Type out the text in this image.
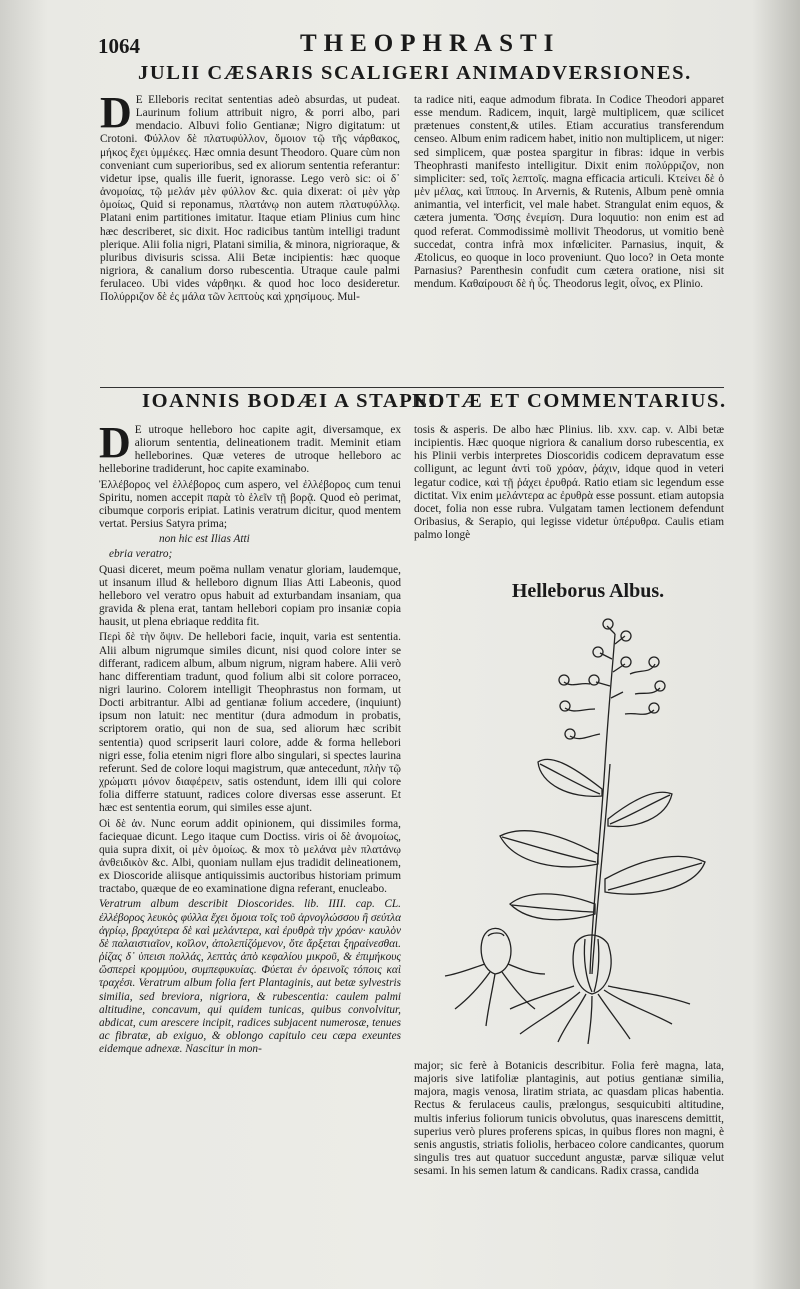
1064	THEOPHRASTI
JULII CÆSARIS SCALIGERI ANIMADVERSIONES.
D E Elleboris recitat sententias adeò absurdas, ut pudeat. Laurinum folium attribuit nigro, & porri albo, pari mendacio. Albuvi folio Gentianæ; Nigro digitatum: ut Crotoni. Φύλλον δὲ πλατυφύλλον, ὅμοιον τῷ τῆς νάρθακος, μήκος ἔχει ὑμμέκες. Hæc omnia desunt Theodoro. Quare cùm non conveniant cum superioribus, sed ex aliorum sententia referantur: videtur ipse, qualis ille fuerit, ignorasse. Lego verò sic: οἱ δ᾽ ἀνομοίας, τῷ μελάν μὲν φύλλον &c. quia dixerat: οἱ μὲν γὰρ ὁμοίως, Quid si reponamus, πλατάνῳ non autem πλατυφύλλῳ. Platani enim partitiones imitatur. Itaque etiam Plinius cum hinc hæc describeret, sic dixit. Hoc radicibus tantùm intelligi tradunt plerique. Alii folia nigri, Platani similia, & minora, nigrioraque, & pluribus divisuris scissa. Alii Betæ incipientis: hæc quoque nigriora, & canalium dorso rubescentia. Utraque caule palmi ferulaceo. Ubi vides νάρθηκι. & quod hoc loco desideretur. Πολύρριζον δὲ ἐς μάλα τῶν λεπτοὺς καὶ χρησίμους. Mul-
ta radice niti, eaque admodum fibrata. In Codice Theodori apparet esse mendum. Radicem, inquit, largè multiplicem, quæ scilicet prætenues constent,& utiles. Etiam accuratius transferendum censeo. Album enim radicem habet, initio non multiplicem, ut niger: sed simplicem, quæ postea spargitur in fibras: idque in verbis Theophrasti manifesto intelligitur. Dixit enim πολύρριζον, non simpliciter: sed, τοῖς λεπτοῖς. magna efficacia articuli. Κτείνει δὲ ὁ μὲν μέλας, καὶ ἵππους. In Arvernis, & Rutenis, Album penè omnia animantia, vel interficit, vel male habet. Strangulat enim equos, & cætera jumenta. Ὄσης ἐνεμίση. Dura loquutio: non enim est ad quod referat. Commodissimè mollivit Theodorus, ut vomitio benè succedat, contra infrà mox infœliciter. Parnasius, inquit, & Ætolicus, eo quoque in loco proveniunt. Quo loco? in Oeta monte Parnasius? Parenthesin confudit cum cætera oratione, nisi sit mendum. Καθαίρουσι δὲ ἡ ὗς. Theodorus legit, οἶνος, ex Plinio.
IOANNIS BODÆI A STAPEL
NOTÆ ET COMMENTARIUS.

D E utroque helleboro hoc capite agit, diversamque, ex aliorum sententia, delineationem tradit. Meminit etiam helleborines. Quæ veteres de utroque helleboro ac helleborine tradiderunt, hoc capite examinabo.

Ἐλλέβορος vel ἑλλέβορος cum aspero, vel ἐλλέβορος cum tenui Spiritu, nomen accepit παρὰ τὸ ἑλεῖν τῇ βορᾷ. Quod eò perimat, cibumque corporis eripiat. Latinis veratrum dicitur, quod mentem vertat. Persius Satyra prima;

non hic est Ilias Atti
ebria veratro;

Quasi diceret, meum poëma nullam venatur gloriam, laudemque, ut insanum illud & helleboro dignum Ilias Atti Labeonis, quod helleboro vel veratro opus habuit ad exturbandam insaniam, qua gravida & plena erat, tantam hellebori copiam pro insaniæ copia hausit, ut plena ebriaque reddita fit.

Περὶ δὲ τὴν ὄψιν. De hellebori facie, inquit, varia est sententia. Alii album nigrumque similes dicunt, nisi quod colore inter se differant, radicem album, album nigrum, nigram habere. Alii verò hanc differentiam tradunt, quod folium albi sit colore porraceo, nigri laurino. Colorem intelligit Theophrastus non formam, ut Docti arbitrantur. Albi ad gentianæ folium accedere, (inquiunt) ipsum non latuit: nec mentitur (dura admodum in probatis, scriptorem oratio, qui non de sua, sed aliorum hæc scribit sententia) quod scripserit lauri colore, adde & forma hellebori nigri esse, folia etenim nigri flore albo singulari, si spectes laurina referunt. Sed de colore loqui magistrum, quæ antecedunt, πλὴν τῷ χρώματι μόνον διαφέρειν, satis ostendunt, idem illi qui colore folia differre statuunt, radices colore diversas esse asserunt. Et hæc est sententia eorum, qui similes esse ajunt.

Οἱ δὲ ἀν. Nunc eorum addit opinionem, qui dissimiles forma, faciequae dicunt. Lego itaque cum Doctiss. viris οἱ δὲ ἀνομοίως, quia supra dixit, οἱ μὲν ὁμοίως. & mox τὸ μελάνα μὲν πλατάνῳ ἀνθειδικὸν &c. Albi, quoniam nullam ejus tradidit delineationem, ex Dioscoride aliisque antiquissimis auctoribus historiam primum tractabo, quæque de eo examinatione digna referant, enucleabo.

Veratrum album describit Dioscorides. lib. IIII. cap. CL. ἐλλέβορος λευκὸς φύλλα ἔχει ὅμοια τοῖς τοῦ ἀρνογλώσσου ἢ σεύτλα ἀγρίῳ, βραχύτερα δὲ καὶ μελάντερα, καὶ ἐρυθρὰ τὴν χρόαν· καυλὸν δὲ παλαιστιαῖον, κοῖλον, ἀπολεπίζόμενον, ὅτε ἄρξεται ξηραίνεσθαι. ῥίζας δ᾽ ὑπεισι πολλάς, λεπτὰς ἀπὸ κεφαλίου μικροῦ, & ἐπιμήκους ὥσπερεὶ κρομμύου, συμπεφυκυίας. Φύεται ἐν ὀρεινοῖς τόποις καὶ τραχέσι. Veratrum album folia fert Plantaginis, aut betæ sylvestris similia, sed breviora, nigriora, & rubescentia: caulem palmi altitudine, concavum, qui quidem tunicas, quibus convolvitur, abdicat, cum arescere incipit, radices subjacent numerosæ, tenues ac fibratæ, ab exiguo, & oblongo capitulo ceu cæpa exeuntes eidemque adnexæ. Nascitur in mon-

tosis & asperis. De albo hæc Plinius. lib. xxv. cap. v. Albi betæ incipientis. Hæc quoque nigriora & canalium dorso rubescentia, ex his Plinii verbis interpretes Dioscoridis codicem depravatum esse colligunt, ac legunt ἀντὶ τοῦ χρόαν, ῥάχιν, idque quod in veteri legatur codice, καὶ τῇ ῥάχει ἐρυθρά. Ratio etiam sic legendum esse dictitat. Vix enim μελάντερα ac ἐρυθρὰ esse possunt. etiam autopsia docet, folia non esse rubra. Vulgatam tamen lectionem defendunt Oribasius, & Serapio, qui legisse videtur ὑπέρυθρα. Caulis etiam palmo longè
Helleborus Albus.
major; sic ferè à Botanicis describitur. Folia ferè magna, lata, majoris sive latifoliæ plantaginis, aut potius gentianæ similia, majora, magis venosa, liratim striata, ac quasdam plicas habentia. Rectus & ferulaceus caulis, prælongus, sesquicubiti altitudine, multis inferius foliorum tunicis obvolutus, quas inarescens demittit, superius verò plures proferens spicas, in quibus flores non magni, è senis angustis, striatis foliolis, herbaceo colore candicantes, quorum singulis tres aut quatuor succedunt angustæ, parvæ siliquæ velut sesami. In his semen latum & candicans. Radix crassa, candida
